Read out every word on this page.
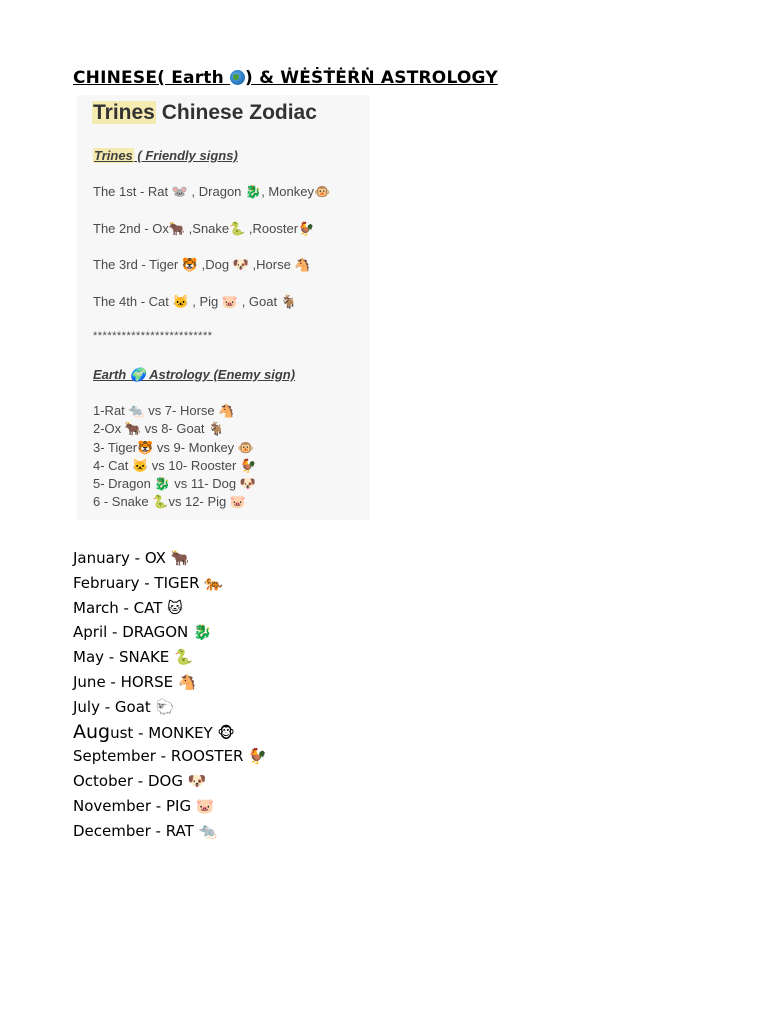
CHINESE( Earth ) & ẆĖṠṪĖṘṄ ASTROLOGY￼
Trines Chinese Zodiac
Trines ( Friendly signs)
The 1st - Rat 🐭 , Dragon 🐉, Monkey🐵
The 2nd - Ox🐂 ,Snake🐍 ,Rooster🐓
The 3rd - Tiger 🐯 ,Dog 🐶 ,Horse 🐴
The 4th - Cat 🐱 , Pig 🐷 , Goat 🐐
*************************
Earth 🌍 Astrology (Enemy sign)
1-Rat 🐀 vs 7- Horse 🐴
2-Ox 🐂 vs 8- Goat 🐐
3- Tiger🐯 vs 9- Monkey 🐵
4- Cat 🐱 vs 10- Rooster 🐓
5- Dragon 🐉 vs 11- Dog 🐶
6 - Snake 🐍vs 12- Pig 🐷
January - OX 🐂
February - TIGER 🐅
March - CAT 🐱
April - DRAGON 🐉
May - SNAKE 🐍
June - HORSE 🐴
July - Goat 🐑
August - MONKEY 🐵
September - ROOSTER 🐓
October - DOG 🐶
November - PIG 🐷
December - RAT 🐀
